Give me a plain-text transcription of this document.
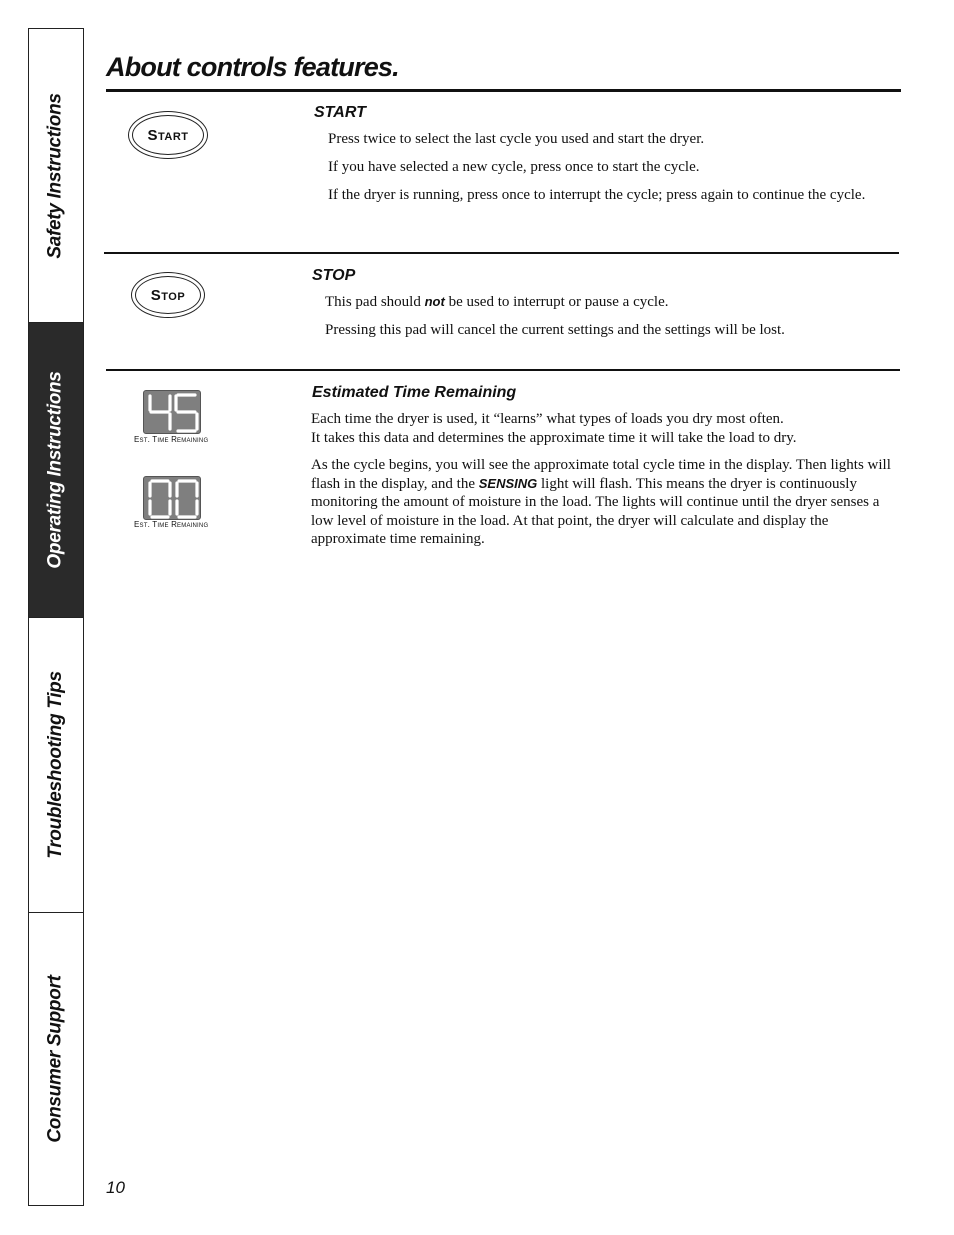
Safety Instructions
Operating Instructions
Troubleshooting Tips
Consumer Support
About controls features.
Start
START
Press twice to select the last cycle you used and start the dryer.
If you have selected a new cycle, press once to start the cycle.
If the dryer is running, press once to interrupt the cycle; press again to continue the cycle.
Stop
STOP
This pad should not be used to interrupt or pause a cycle.
Pressing this pad will cancel the current settings and the settings will be lost.
Est. Time Remaining
Est. Time Remaining
Estimated Time Remaining
Each time the dryer is used, it “learns” what types of loads you dry most often.
It takes this data and determines the approximate time it will take the load to dry.
As the cycle begins, you will see the approximate total cycle time in the display. Then lights will flash in the display, and the SENSING light will flash. This means the dryer is continuously monitoring the amount of moisture in the load. The lights will continue until the dryer senses a low level of moisture in the load. At that point, the dryer will calculate and display the approximate time remaining.
10
